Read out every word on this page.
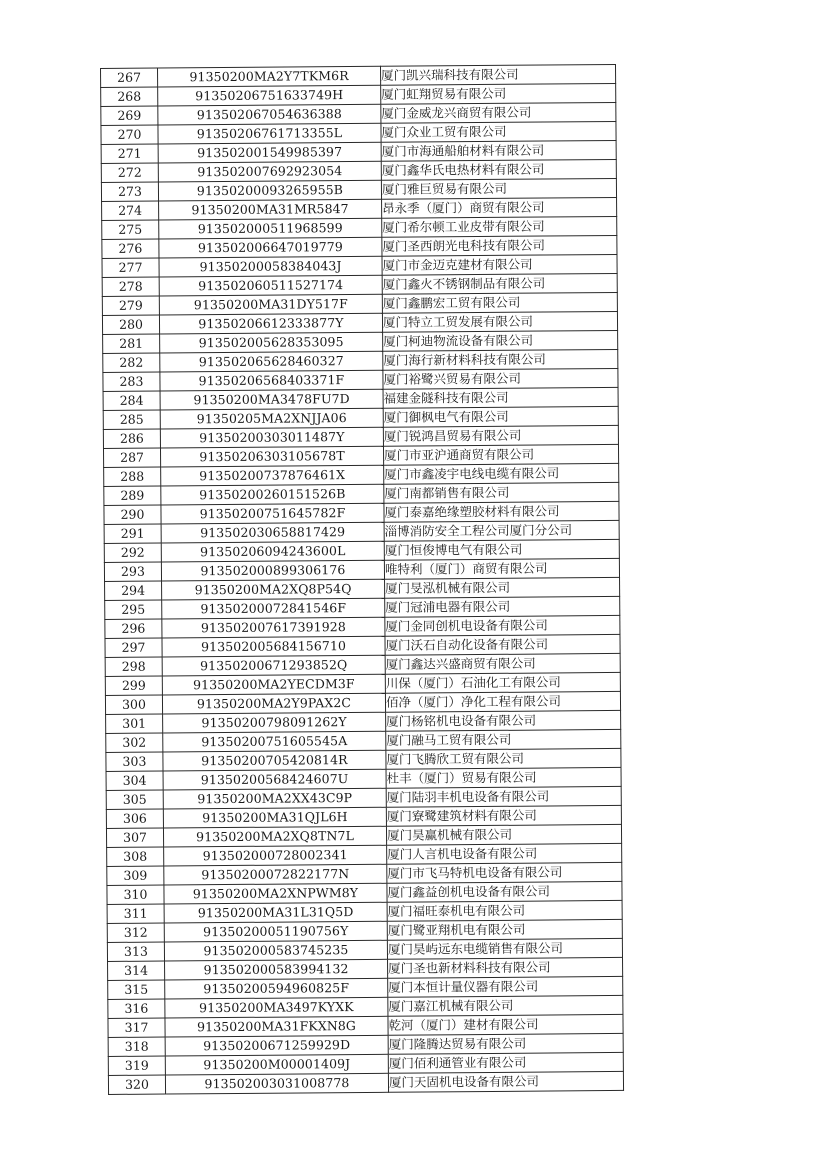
267	91350200MA2Y7TKM6R	厦门凯兴瑞科技有限公司
268	913502067516337​49H	厦门虹翔贸易有限公司
269	913502067054636388	厦门金威龙兴商贸有限公司
270	91350206761713355L	厦门众业工贸有限公司
271	913502001549985397	厦门市海通船舶材料有限公司
272	913502007692923054	厦门鑫华氏电热材料有限公司
273	91350200093265955B	厦门雅巨贸易有限公司
274	91350200MA31MR5847	昂永季（厦门）商贸有限公司
275	913502000511968599	厦门希尔顿工业皮带有限公司
276	913502006647019779	厦门圣西朗光电科技有限公司
277	91350200058384043J	厦门市金迈克建材有限公司
278	913502060511527174	厦门鑫火不锈钢制品有限公司
279	91350200MA31DY517F	厦门鑫鹏宏工贸有限公司
280	91350206612333877Y	厦门特立工贸发展有限公司
281	913502005628353095	厦门柯迪物流设备有限公司
282	913502065628460327	厦门海行新材料科技有限公司
283	91350206568403371F	厦门裕鹭兴贸易有限公司
284	91350200MA3478FU7D	福建金隧科技有限公司
285	9135020​5MA2XNJJA06	厦门御枫电气有限公司
286	91350200303011487Y	厦门锐鸿昌贸易有限公司
287	91350206303105678T	厦门市亚沪通商贸有限公司
288	91350200737876461X	厦门市鑫凌宇电线电缆有限公司
289	91350200260151526B	厦门南都销售有限公司
290	91350200751645782F	厦门泰嘉绝缘塑胶材料有限公司
291	913502030658817429	淄博消防安全工程公司厦门分公司
292	91350206094243600L	厦门恒俊博电气有限公司
293	913502000899306176	唯特利（厦门）商贸有限公司
294	91350200MA2XQ8P54Q	厦门旻泓机械有限公司
295	91350200072841546F	厦门冠浦电器有限公司
296	913502007617391928	厦门金同创机电设备有限公司
297	913502005684156710	厦门沃石自动化设备有限公司
298	91350200671293852Q	厦门鑫达兴盛商贸有限公司
299	91350200MA2YECDM3F	川保（厦门）石油化工有限公司
300	91350200MA2Y9PAX2C	佰净（厦门）净化工程有限公司
301	91350200798091262Y	厦门杨铭机电设备有限公司
302	91350200751605545A	厦门融马工贸有限公司
303	91350200705420814R	厦门飞腾欣工贸有限公司
304	91350200568424607U	杜丰（厦门）贸易有限公司
305	91350200MA2XX43C9P	厦门陆羽丰机电设备有限公司
306	91350200MA31QJL6H	厦门寮鹭建筑材料有限公司
307	91350200MA2XQ8TN7L	厦门昊赢机械有限公司
308	913502000728002341	厦门人言机电设备有限公司
309	91350200072822177N	厦门市飞马特机电设备有限公司
310	91350200MA2XNPWM8Y	厦门鑫益创机电设备有限公司
311	91350200MA31L31Q5D	厦门福旺泰机电有限公司
312	91350200051190756Y	厦门鹭亚翔机电有限公司
313	913502000583745235	厦门昊屿远东电缆销售有限公司
314	913502000583994132	厦门圣也新材料科技有限公司
315	91350200594960825F	厦门本恒计量仪器有限公司
316	91350200MA3497KYXK	厦门嘉江机械有限公司
317	91350200MA31FKXN8G	乾河（厦门）建材有限公司
318	91350200671259929D	厦门隆腾达贸易有限公司
319	91350200M00001409J	厦门佰利通管业有限公司
320	913502003031008778	厦门天固机电设备有限公司
